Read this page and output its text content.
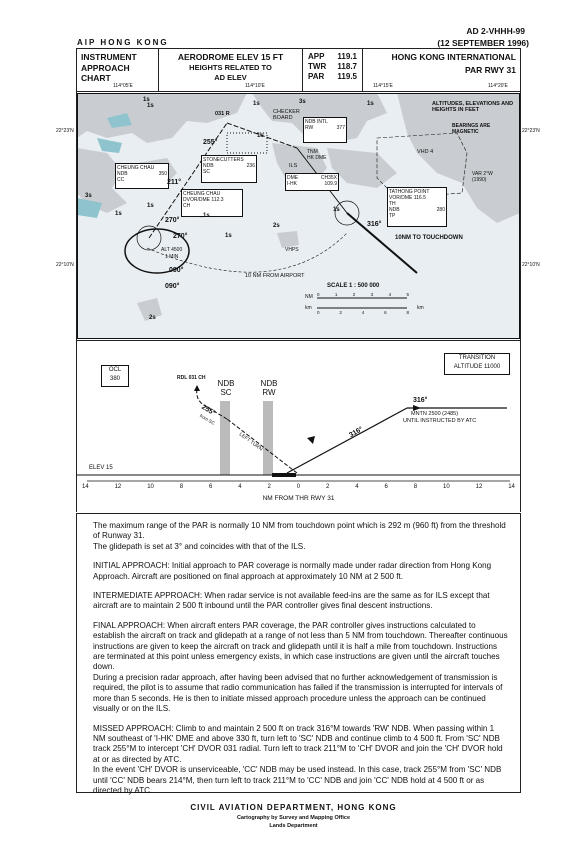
AIP HONG KONG
AD 2-VHHH-99
(12 SEPTEMBER 1996)
INSTRUMENT
APPROACH
CHART
AERODROME ELEV 15 FT
HEIGHTS RELATED TO
AD ELEV
APP 119.1
TWR 118.7
PAR 119.5
HONG KONG INTERNATIONAL
PAR RWY 31
114°05'E	114°10'E	114°15'E	114°20'E
ALTITUDES, ELEVATIONS AND HEIGHTS IN FEET
BEARINGS ARE MAGNETIC
VAR 2°W (1990)
VHD 4
CHECKER BOARD
10NM TO TOUCHDOWN
10 NM FROM AIRPORT
SCALE 1 : 500 000
NM
km	km
ALT 4500
1 MIN
ILS
VHPS
CHEUNG CHAU
NDB	350
CC
STONECUTTERS
NDB	236
SC
CHEUNG CHAU
DVOR/DME 112.3
CH
NDB INTL
RW	377
TNM
HK DME
DME	CH35X
I-HK	109.9
TATHONG POINT
VOR/DME 116.5
TH
NDB	280
TP
255°
211°
270°
270°
090°
090°
316°
031 R
1s
1s	1s
3s
3s
1s
1s
2s
1s
2s
1s
1s
1s
1s
0	1	2	3	4	5
0	2	4	6	8
22°23'N	22°23'N
22°10'N	22°10'N
OCL
380
TRANSITION
ALTITUDE 11000
RDL 031 CH
NDB
SC
NDB
RW
255°
from SC
LEFT TURN
316°
316°
MNTN 2500 (2485)
UNTIL INSTRUCTED BY ATC
ELEV 15
14	12	10	8	6	4	2	0	2	4	6	8	10	12	14
NM FROM THR RWY 31

The maximum range of the PAR is normally 10 NM from touchdown point which is 292 m (960 ft) from the threshold of Runway 31.

The glidepath is set at 3° and coincides with that of the ILS.

INITIAL APPROACH: Initial approach to PAR coverage is normally made under radar direction from Hong Kong Approach. Aircraft are positioned on final approach at approximately 10 NM at 2 500 ft.

INTERMEDIATE APPROACH: When radar service is not available feed-ins are the same as for ILS except that aircraft are to maintain 2 500 ft inbound until the PAR controller gives final descent instructions.

FINAL APPROACH: When aircraft enters PAR coverage, the PAR controller gives instructions calculated to establish the aircraft on track and glidepath at a range of not less than 5 NM from touchdown. Thereafter continuous instructions are given to keep the aircraft on track and glidepath until it is half a mile from touchdown. Instructions are terminated at this point unless emergency exists, in which case instructions are given until the aircraft touches down.

During a precision radar approach, after having been advised that no further acknowledgement of transmission is required, the pilot is to assume that radio communication has failed if the transmission is interrupted for intervals of more than 5 seconds. He is then to initiate missed approach procedure unless the approach can be continued visually or on the ILS.

MISSED APPROACH: Climb to and maintain 2 500 ft on track 316°M towards 'RW' NDB. When passing within 1 NM southeast of 'I-HK' DME and above 330 ft, turn left to 'SC' NDB and continue climb to 4 500 ft. From 'SC' NDB track 255°M to intercept 'CH' DVOR 031 radial. Turn left to track 211°M to 'CH' DVOR and join the 'CH' DVOR hold at or as directed by ATC.

In the event 'CH' DVOR is unserviceable, 'CC' NDB may be used instead. In this case, track 255°M from 'SC' NDB until 'CC' NDB bears 214°M, then turn left to track 211°M to 'CC' NDB and join 'CC' NDB hold at 4 500 ft or as directed by ATC.

CIVIL AVIATION DEPARTMENT, HONG KONG
Cartography by Survey and Mapping Office
Lands Department
